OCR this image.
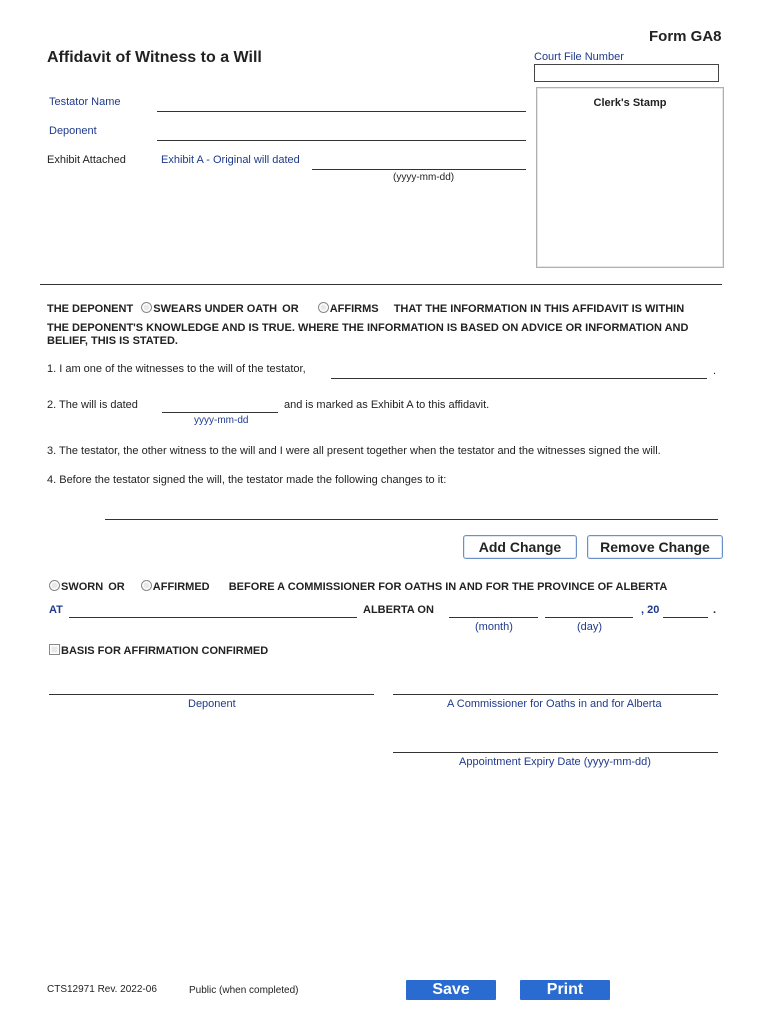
Form GA8
Affidavit of Witness to a Will	Court File Number
Clerk's Stamp
Testator Name
Deponent
Exhibit Attached	Exhibit A - Original will dated
(yyyy-mm-dd)
THE DEPONENT SWEARS UNDER OATH OR	AFFIRMS THAT THE INFORMATION IN THIS AFFIDAVIT IS WITHIN
THE DEPONENT'S KNOWLEDGE AND IS TRUE. WHERE THE INFORMATION IS BASED ON ADVICE OR INFORMATION AND
BELIEF, THIS IS STATED.
1. I am one of the witnesses to the will of the testator,	.
2. The will is dated
yyyy-mm-dd
and is marked as Exhibit A to this affidavit.
3. The testator, the other witness to the will and I were all present together when the testator and the witnesses signed the will.
4. Before the testator signed the will, the testator made the following changes to it:
Add Change	Remove Change
SWORN OR	AFFIRMED BEFORE A COMMISSIONER FOR OATHS IN AND FOR THE PROVINCE OF ALBERTA
AT	ALBERTA ON	, 20	.
(month)	(day)
BASIS FOR AFFIRMATION CONFIRMED
Deponent	A Commissioner for Oaths in and for Alberta
Appointment Expiry Date (yyyy-mm-dd)
CTS12971 Rev. 2022-06	Public (when completed)	Save	Print
